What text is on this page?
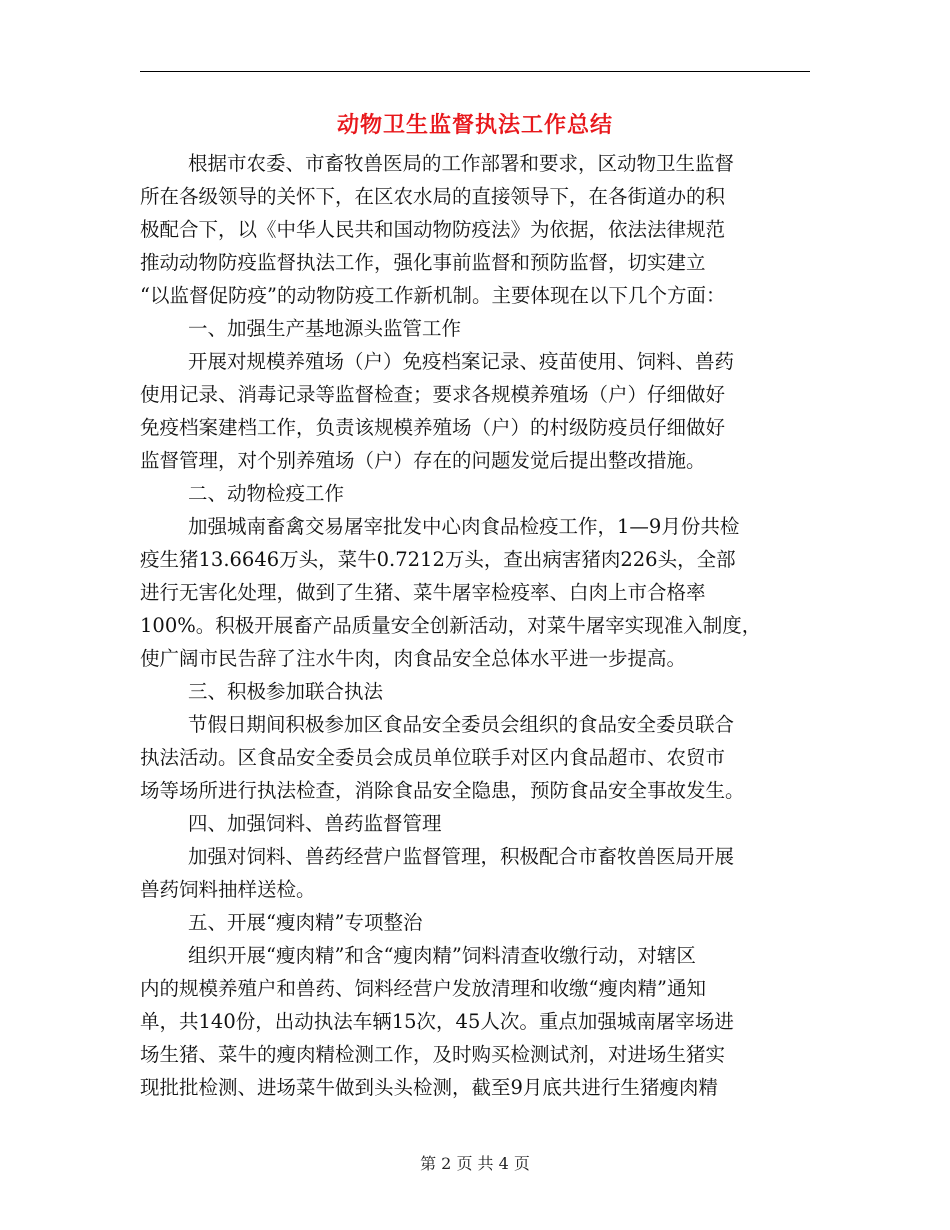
动物卫生监督执法工作总结
根据市农委、市畜牧兽医局的工作部署和要求，区动物卫生监督
所在各级领导的关怀下，在区农水局的直接领导下，在各街道办的积
极配合下，以《中华人民共和国动物防疫法》为依据，依法法律规范
推动动物防疫监督执法工作，强化事前监督和预防监督，切实建立
“以监督促防疫”的动物防疫工作新机制。主要体现在以下几个方面：
一、加强生产基地源头监管工作
开展对规模养殖场（户）免疫档案记录、疫苗使用、饲料、兽药
使用记录、消毒记录等监督检查；要求各规模养殖场（户）仔细做好
免疫档案建档工作，负责该规模养殖场（户）的村级防疫员仔细做好
监督管理，对个别养殖场（户）存在的问题发觉后提出整改措施。
二、动物检疫工作
加强城南畜禽交易屠宰批发中心肉食品检疫工作，1—9月份共检
疫生猪13.6646万头，菜牛0.7212万头，查出病害猪肉226头，全部
进行无害化处理，做到了生猪、菜牛屠宰检疫率、白肉上市合格率
100%。积极开展畜产品质量安全创新活动，对菜牛屠宰实现准入制度，
使广阔市民告辞了注水牛肉，肉食品安全总体水平进一步提高。
三、积极参加联合执法
节假日期间积极参加区食品安全委员会组织的食品安全委员联合
执法活动。区食品安全委员会成员单位联手对区内食品超市、农贸市
场等场所进行执法检查，消除食品安全隐患，预防食品安全事故发生。
四、加强饲料、兽药监督管理
加强对饲料、兽药经营户监督管理，积极配合市畜牧兽医局开展
兽药饲料抽样送检。
五、开展“瘦肉精”专项整治
组织开展“瘦肉精”和含“瘦肉精”饲料清查收缴行动，对辖区
内的规模养殖户和兽药、饲料经营户发放清理和收缴“瘦肉精”通知
单，共140份，出动执法车辆15次，45人次。重点加强城南屠宰场进
场生猪、菜牛的瘦肉精检测工作，及时购买检测试剂，对进场生猪实
现批批检测、进场菜牛做到头头检测，截至9月底共进行生猪瘦肉精
第 2 页 共 4 页
